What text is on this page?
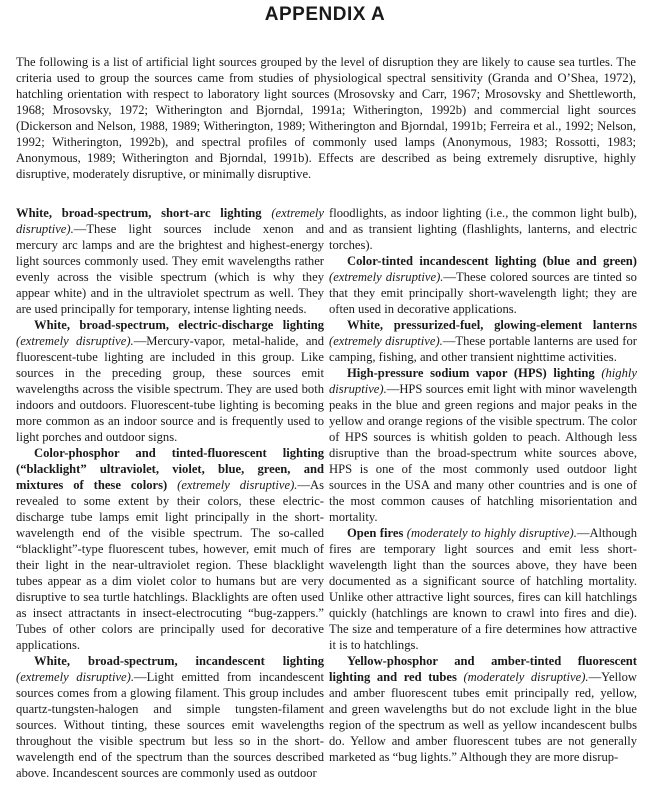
APPENDIX A

The following is a list of artificial light sources grouped by the level of disruption they are likely to cause sea turtles. The criteria used to group the sources came from studies of physiological spectral sensitivity (Granda and O’Shea, 1972), hatchling orientation with respect to laboratory light sources (Mrosovsky and Carr, 1967; Mrosovsky and Shettleworth, 1968; Mrosovsky, 1972; Witherington and Bjorndal, 1991a; Witherington, 1992b) and commercial light sources (Dickerson and Nelson, 1988, 1989; Witherington, 1989; Witherington and Bjorndal, 1991b; Ferreira et al., 1992; Nelson, 1992; Witherington, 1992b), and spectral profiles of commonly used lamps (Anonymous, 1983; Rossotti, 1983; Anonymous, 1989; Witherington and Bjorndal, 1991b). Effects are described as being extremely disruptive, highly disruptive, moderately disruptive, or minimally disruptive.

White, broad-spectrum, short-arc lighting (extremely disruptive).—These light sources include xenon and mercury arc lamps and are the brightest and highest-energy light sources commonly used. They emit wavelengths rather evenly across the visible spectrum (which is why they appear white) and in the ultraviolet spectrum as well. They are used principally for temporary, intense lighting needs.

White, broad-spectrum, electric-discharge lighting (extremely disruptive).—Mercury-vapor, metal-halide, and fluorescent-tube lighting are included in this group. Like sources in the preceding group, these sources emit wavelengths across the visible spectrum. They are used both indoors and outdoors. Fluorescent-tube lighting is becoming more common as an indoor source and is frequently used to light porches and outdoor signs.

Color-phosphor and tinted-fluorescent lighting (“blacklight” ultraviolet, violet, blue, green, and mixtures of these colors) (extremely disruptive).—As revealed to some extent by their colors, these electric-discharge tube lamps emit light principally in the short-wavelength end of the visible spectrum. The so-called “blacklight”-type fluorescent tubes, however, emit much of their light in the near-ultraviolet region. These blacklight tubes appear as a dim violet color to humans but are very disruptive to sea turtle hatchlings. Blacklights are often used as insect attractants in insect-electrocuting “bug-zappers.” Tubes of other colors are principally used for decorative applications.

White, broad-spectrum, incandescent lighting (extremely disruptive).—Light emitted from incandescent sources comes from a glowing filament. This group includes quartz-tungsten-halogen and simple tungsten-filament sources. Without tinting, these sources emit wavelengths throughout the visible spectrum but less so in the short-wavelength end of the spectrum than the sources described above. Incandescent sources are commonly used as outdoor

floodlights, as indoor lighting (i.e., the common light bulb), and as transient lighting (flashlights, lanterns, and electric torches).

Color-tinted incandescent lighting (blue and green) (extremely disruptive).—These colored sources are tinted so that they emit principally short-wavelength light; they are often used in decorative applications.

White, pressurized-fuel, glowing-element lanterns (extremely disruptive).—These portable lanterns are used for camping, fishing, and other transient nighttime activities.

High-pressure sodium vapor (HPS) lighting (highly disruptive).—HPS sources emit light with minor wavelength peaks in the blue and green regions and major peaks in the yellow and orange regions of the visible spectrum. The color of HPS sources is whitish golden to peach. Although less disruptive than the broad-spectrum white sources above, HPS is one of the most commonly used outdoor light sources in the USA and many other countries and is one of the most common causes of hatchling misorientation and mortality.

Open fires (moderately to highly disruptive).—Although fires are temporary light sources and emit less short-wavelength light than the sources above, they have been documented as a significant source of hatchling mortality. Unlike other attractive light sources, fires can kill hatchlings quickly (hatchlings are known to crawl into fires and die). The size and temperature of a fire determines how attractive it is to hatchlings.

Yellow-phosphor and amber-tinted fluorescent lighting and red tubes (moderately disruptive).—Yellow and amber fluorescent tubes emit principally red, yellow, and green wavelengths but do not exclude light in the blue region of the spectrum as well as yellow incandescent bulbs do. Yellow and amber fluorescent tubes are not generally marketed as “bug lights.” Although they are more disrup-
